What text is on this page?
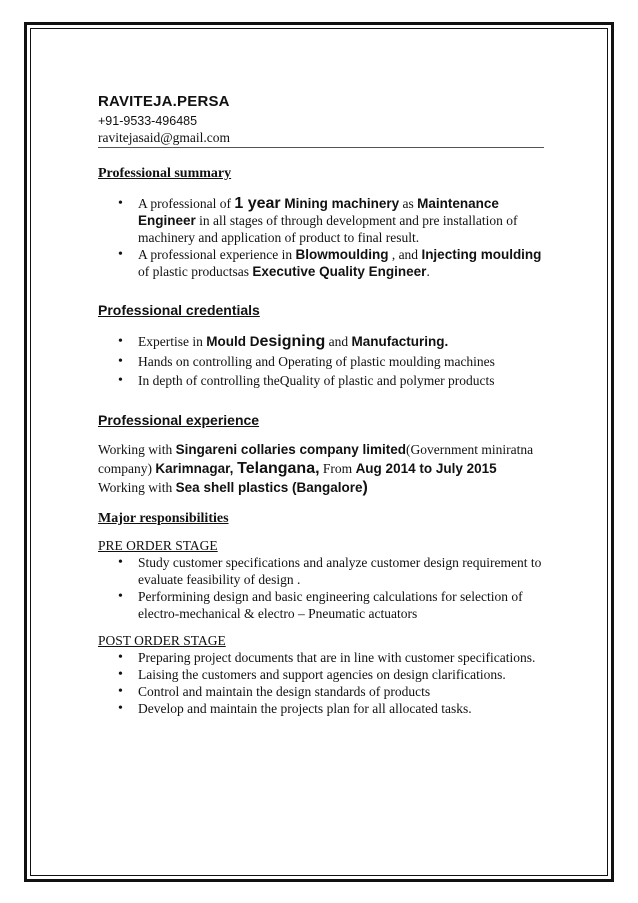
RAVITEJA.PERSA

+91-9533-496485

ravitejasaid@gmail.com

Professional summary

• A professional of 1 year Mining machinery as Maintenance Engineer in all stages of through development and pre installation of machinery and application of product to final result.
• A professional experience in Blowmoulding , and Injecting moulding of plastic productsas Executive Quality Engineer.

Professional credentials

• Expertise in Mould Designing and Manufacturing.
• Hands on controlling and Operating of plastic moulding machines
• In depth of controlling theQuality of plastic and polymer products

Professional experience

Working with Singareni collaries company limited(Government miniratna company) Karimnagar, Telangana, From Aug 2014 to July 2015

Working with Sea shell plastics (Bangalore)

Major responsibilities

PRE ORDER STAGE

• Study customer specifications and analyze customer design requirement to evaluate feasibility of design .
• Performining design and basic engineering calculations for selection of electro-mechanical & electro – Pneumatic actuators

POST ORDER STAGE

• Preparing project documents that are in line with customer specifications.
• Laising the customers and support agencies on design clarifications.
• Control and maintain the design standards of products
• Develop and maintain the projects plan for all allocated tasks.
